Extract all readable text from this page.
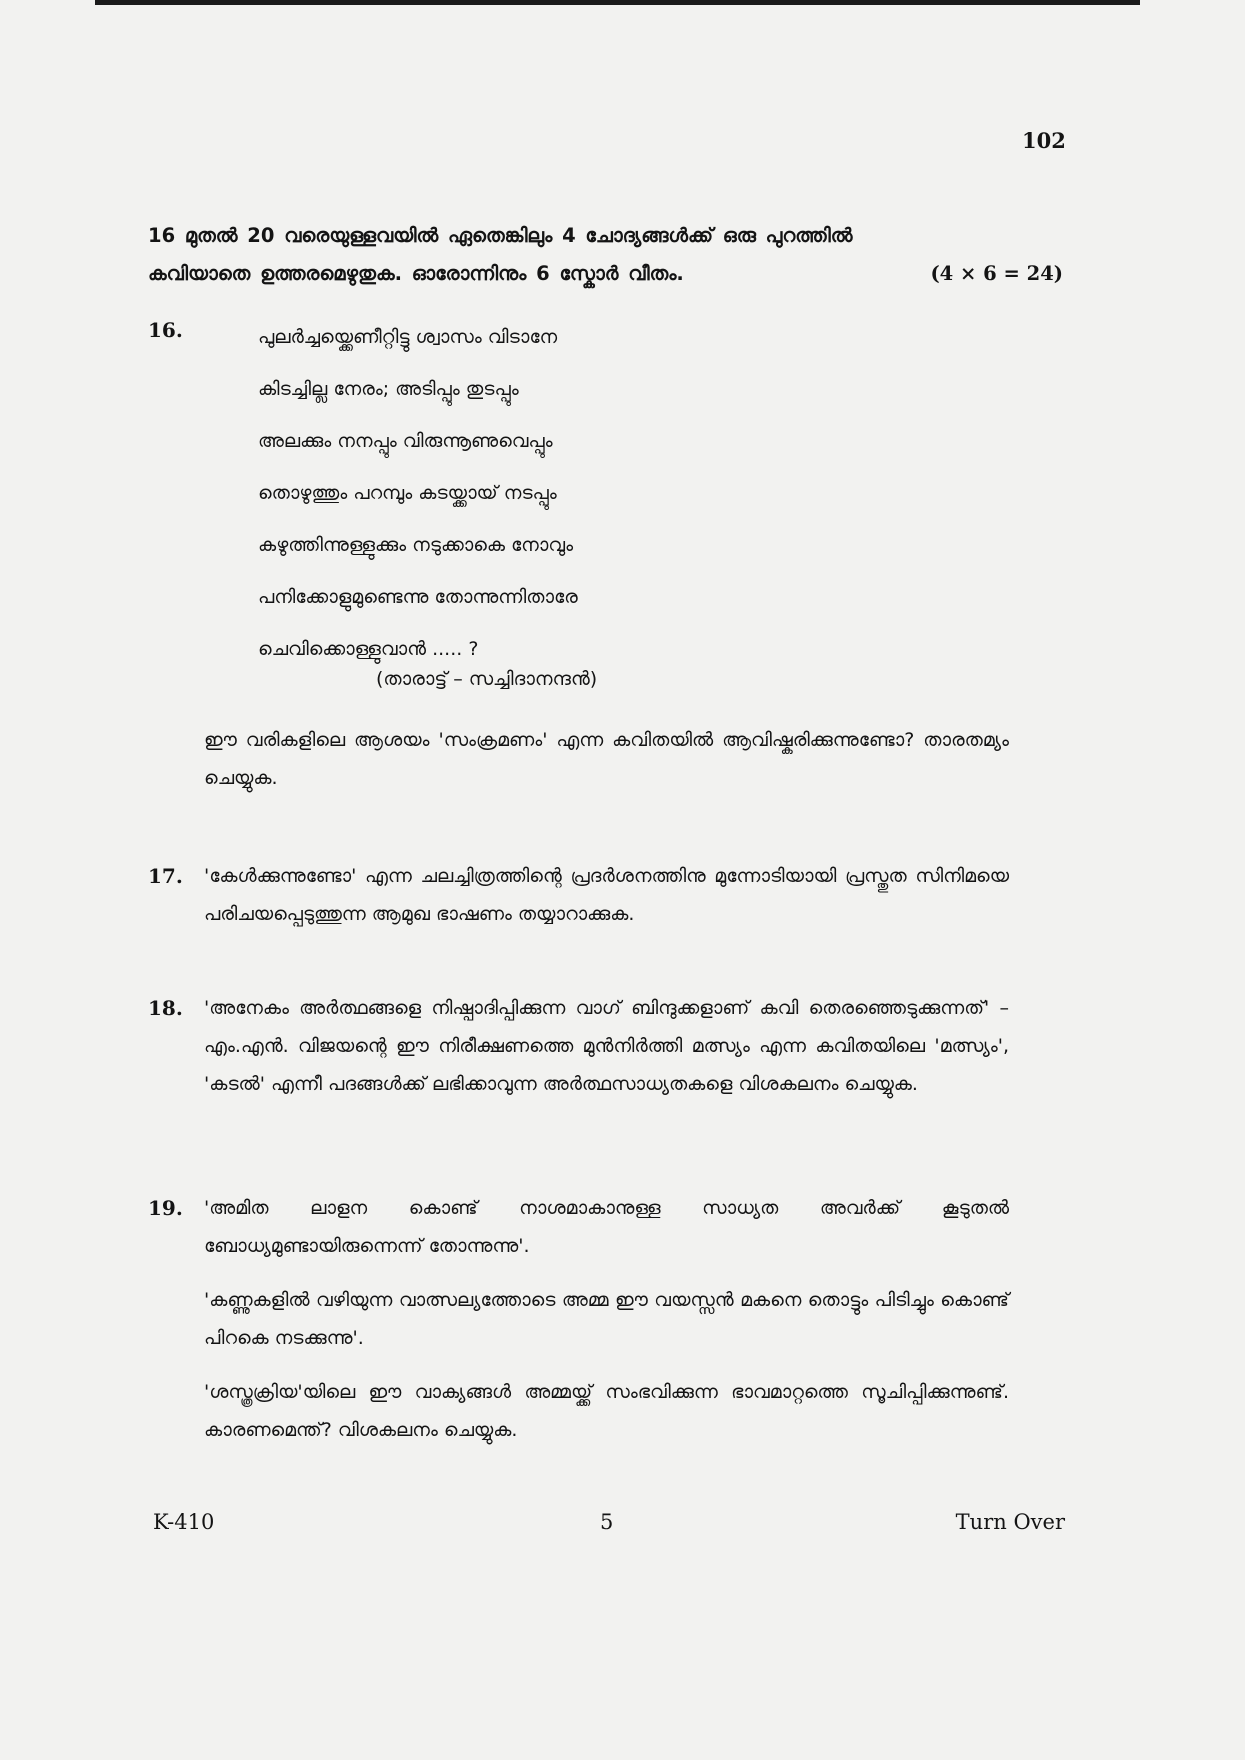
102
16 മുതൽ 20 വരെയുള്ളവയിൽ ഏതെങ്കിലും 4 ചോദ്യങ്ങൾക്ക് ഒരു പുറത്തിൽ
കവിയാതെ ഉത്തരമെഴുതുക. ഓരോന്നിനും 6 സ്കോർ വീതം.	(4 × 6 = 24)
16.	പുലർച്ചയ്ക്കെണീറ്റിട്ടു ശ്വാസം വിടാനേ
കിടച്ചില്ല നേരം; അടിപ്പും തുടപ്പും
അലക്കും നനപ്പും വിരുന്നൂണുവെപ്പും
തൊഴുത്തും പറമ്പും കടയ്ക്കായ് നടപ്പും
കഴുത്തിന്നുള്ളുക്കും നടുക്കാകെ നോവും
പനിക്കോളുമുണ്ടെന്നു തോന്നുന്നിതാരേ
ചെവിക്കൊള്ളുവാൻ ..... ?
(താരാട്ട് – സച്ചിദാനന്ദൻ)

ഈ വരികളിലെ ആശയം 'സംക്രമണം' എന്ന കവിതയിൽ ആവിഷ്കരിക്കുന്നുണ്ടോ? താരതമ്യം ചെയ്യുക.

17. 'കേൾക്കുന്നുണ്ടോ' എന്ന ചലച്ചിത്രത്തിന്റെ പ്രദർശനത്തിനു മുന്നോടിയായി പ്രസ്തുത സിനിമയെ പരിചയപ്പെടുത്തുന്ന ആമുഖ ഭാഷണം തയ്യാറാക്കുക.

18. 'അനേകം അർത്ഥങ്ങളെ നിഷ്പാദിപ്പിക്കുന്ന വാഗ് ബിന്ദുക്കളാണ് കവി തെരഞ്ഞെടുക്കുന്നത്' – എം.എൻ. വിജയന്റെ ഈ നിരീക്ഷണത്തെ മുൻനിർത്തി മത്സ്യം എന്ന കവിതയിലെ 'മത്സ്യം', 'കടൽ' എന്നീ പദങ്ങൾക്ക് ലഭിക്കാവുന്ന അർത്ഥസാധ്യതകളെ വിശകലനം ചെയ്യുക.

19. 'അമിത ലാളന കൊണ്ട് നാശമാകാനുള്ള സാധ്യത അവർക്ക് കൂടുതൽ ബോധ്യമുണ്ടായിരുന്നെന്ന് തോന്നുന്നു'.

'കണ്ണുകളിൽ വഴിയുന്ന വാത്സല്യത്തോടെ അമ്മ ഈ വയസ്സൻ മകനെ തൊട്ടും പിടിച്ചും കൊണ്ട് പിറകെ നടക്കുന്നു'.

'ശസ്ത്രക്രിയ'യിലെ ഈ വാക്യങ്ങൾ അമ്മയ്ക്ക് സംഭവിക്കുന്ന ഭാവമാറ്റത്തെ സൂചിപ്പിക്കുന്നുണ്ട്. കാരണമെന്ത്? വിശകലനം ചെയ്യുക.

K-410	5	Turn Over
